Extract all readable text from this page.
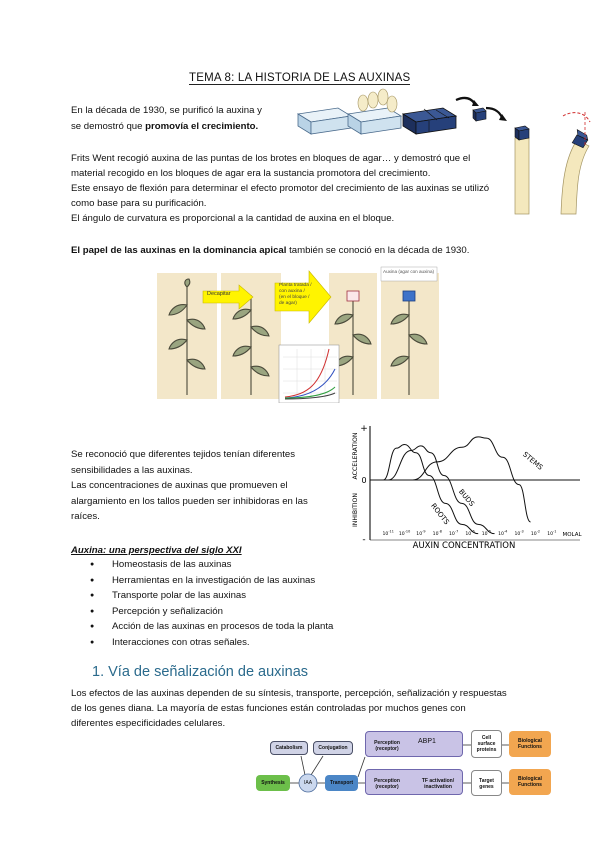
TEMA 8: LA HISTORIA DE LAS AUXINAS
En la década de 1930, se purificó la auxina y
se demostró que promovía el crecimiento.
Frits Went recogió auxina de las puntas de los brotes en bloques de agar… y demostró que el
material recogido en los bloques de agar era la sustancia promotora del crecimiento.
Este ensayo de flexión para determinar el efecto promotor del crecimiento de las auxinas se utilizó
como base para su purificación.
El ángulo de curvatura es proporcional a la cantidad de auxina en el bloque.
El papel de las auxinas en la dominancia apical también se conoció en la década de 1930.
Decapitar
Planta tratada / con auxina / (en el bloque / de agar)
Auxina (agar con auxina)
Se reconoció que diferentes tejidos tenían diferentes
sensibilidades a las auxinas.
Las concentraciones de auxinas que promueven el
alargamiento en los tallos pueden ser inhibidoras en las
raíces.
+
0
-
ACCELERATION
INHIBITION
AUXIN CONCENTRATION
MOLAL
$10^{-11}$
$10^{-10}$
$10^{-9}$
$10^{-8}$
$10^{-7}$
$10^{-6}$
$10^{-5}$
$10^{-4}$
$10^{-3}$
$10^{-2}$
$10^{-1}$
ROOTS
BUDS
STEMS
Auxina: una perspectiva del siglo XXI
● Homeostasis de las auxinas
● Herramientas en la investigación de las auxinas
● Transporte polar de las auxinas
● Percepción y señalización
● Acción de las auxinas en procesos de toda la planta
● Interacciones con otras señales.
1. Vía de señalización de auxinas
Los efectos de las auxinas dependen de su síntesis, transporte, percepción, señalización y respuestas
de los genes diana. La mayoría de estas funciones están controladas por muchos genes con
diferentes especificidades celulares.
Catabolism	Conjugation
Synthesis	IAA	Transport
Perception
(receptor)
ABP1
Perception
(receptor)
TF activation/
inactivation
Cell
surface
proteins
Target
genes
Biological
Functions
Biological
Functions
